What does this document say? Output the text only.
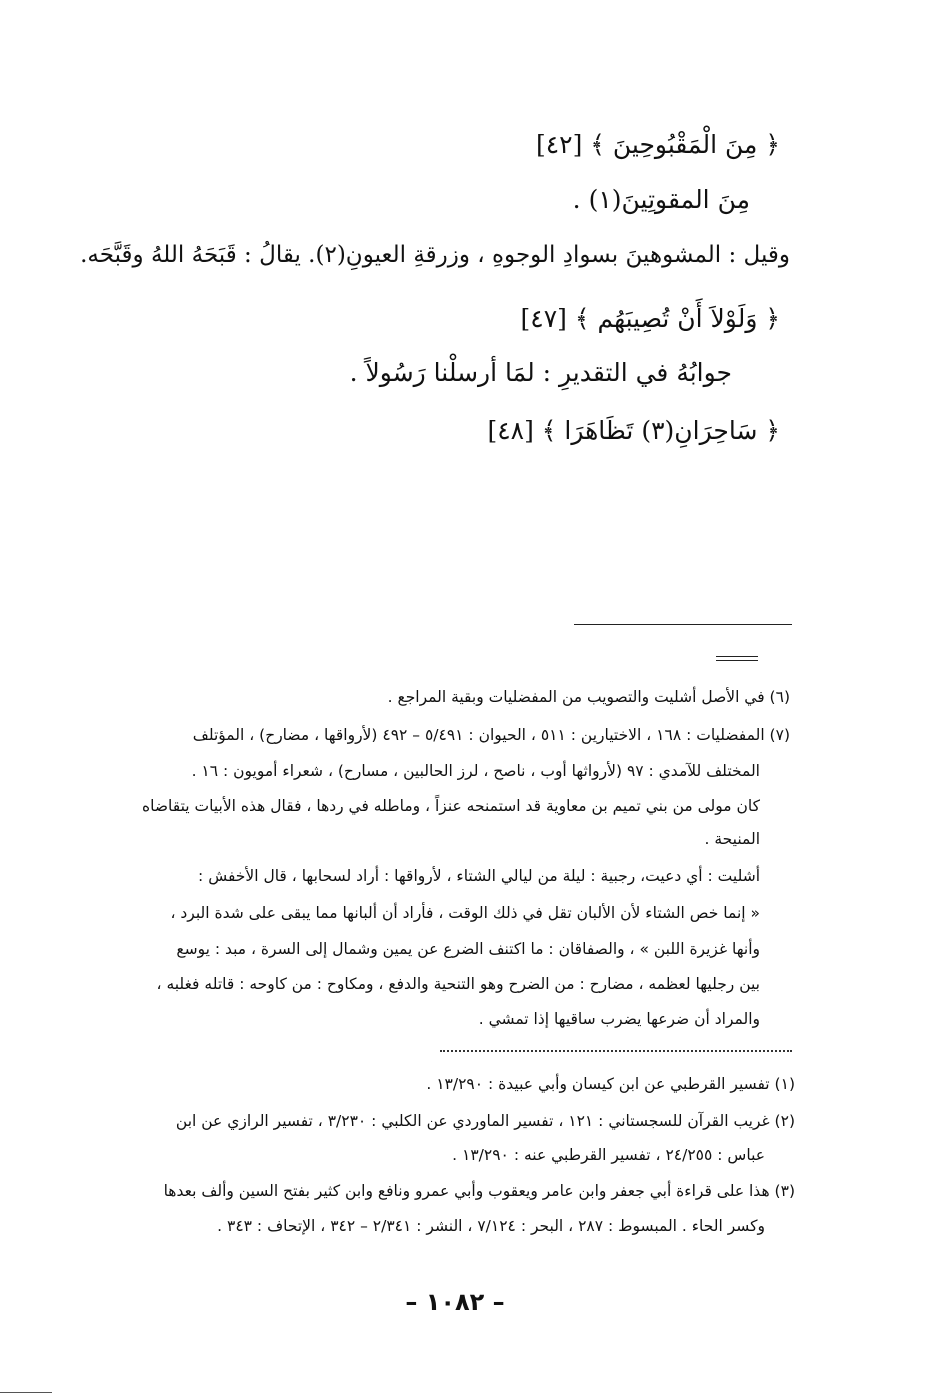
﴿ مِنَ الْمَقْبُوحِينَ ﴾ [٤٢]
مِنَ المقوتِينَ(١) .
وقيل : المشوهينَ بسوادِ الوجوهِ ، وزرقةِ العيونِ(٢). يقالُ : قَبَحَهُ اللهُ وقَبَّحَه.
﴿ وَلَوْلاَ أَنْ تُصِيبَهُم ﴾ [٤٧]
جوابُهُ في التقديرِ : لمَا أرسلْنا رَسُولاً .
﴿ سَاحِرَانِ(٣) تَظَاهَرَا ﴾ [٤٨]
(٦) في الأصل أشليت والتصويب من المفضليات وبقية المراجع .
(٧) المفضليات : ١٦٨ ، الاختيارين : ٥١١ ، الحيوان : ٥/٤٩١ – ٤٩٢ (لأرواقها ، مضارح) ، المؤتلف
المختلف للآمدي : ٩٧ (لأرواثها أوب ، ناصح ، لرز الحالبين ، مسارح) ، شعراء أمويون : ١٦ .
كان مولى من بني تميم بن معاوية قد استمنحه عنزاً ، وماطله في ردها ، فقال هذه الأبيات يتقاضاه
المنيحة .
أشليت : أي دعيت، رجبية : ليلة من ليالي الشتاء ، لأرواقها : أراد لسحابها ، قال الأخفش :
« إنما خص الشتاء لأن الألبان تقل في ذلك الوقت ، فأراد أن ألبانها مما يبقى على شدة البرد ،
وأنها غزيرة اللبن » ، والصفاقان : ما اكتنف الضرع عن يمين وشمال إلى السرة ، مبد : يوسع
بين رجليها لعظمه ، مضارح : من الضرح وهو التنحية والدفع ، ومكاوح : من كاوحه : قاتله فغلبه ،
والمراد أن ضرعها يضرب ساقيها إذا تمشي .
(١) تفسير القرطبي عن ابن كيسان وأبي عبيدة : ١٣/٢٩٠ .
(٢) غريب القرآن للسجستاني : ١٢١ ، تفسير الماوردي عن الكلبي : ٣/٢٣٠ ، تفسير الرازي عن ابن
عباس : ٢٤/٢٥٥ ، تفسير القرطبي عنه : ١٣/٢٩٠ .
(٣) هذا على قراءة أبي جعفر وابن عامر ويعقوب وأبي عمرو ونافع وابن كثير بفتح السين وألف بعدها
وكسر الحاء . المبسوط : ٢٨٧ ، البحر : ٧/١٢٤ ، النشر : ٢/٣٤١ – ٣٤٢ ، الإتحاف : ٣٤٣ .
– ١٠٨٢ –
